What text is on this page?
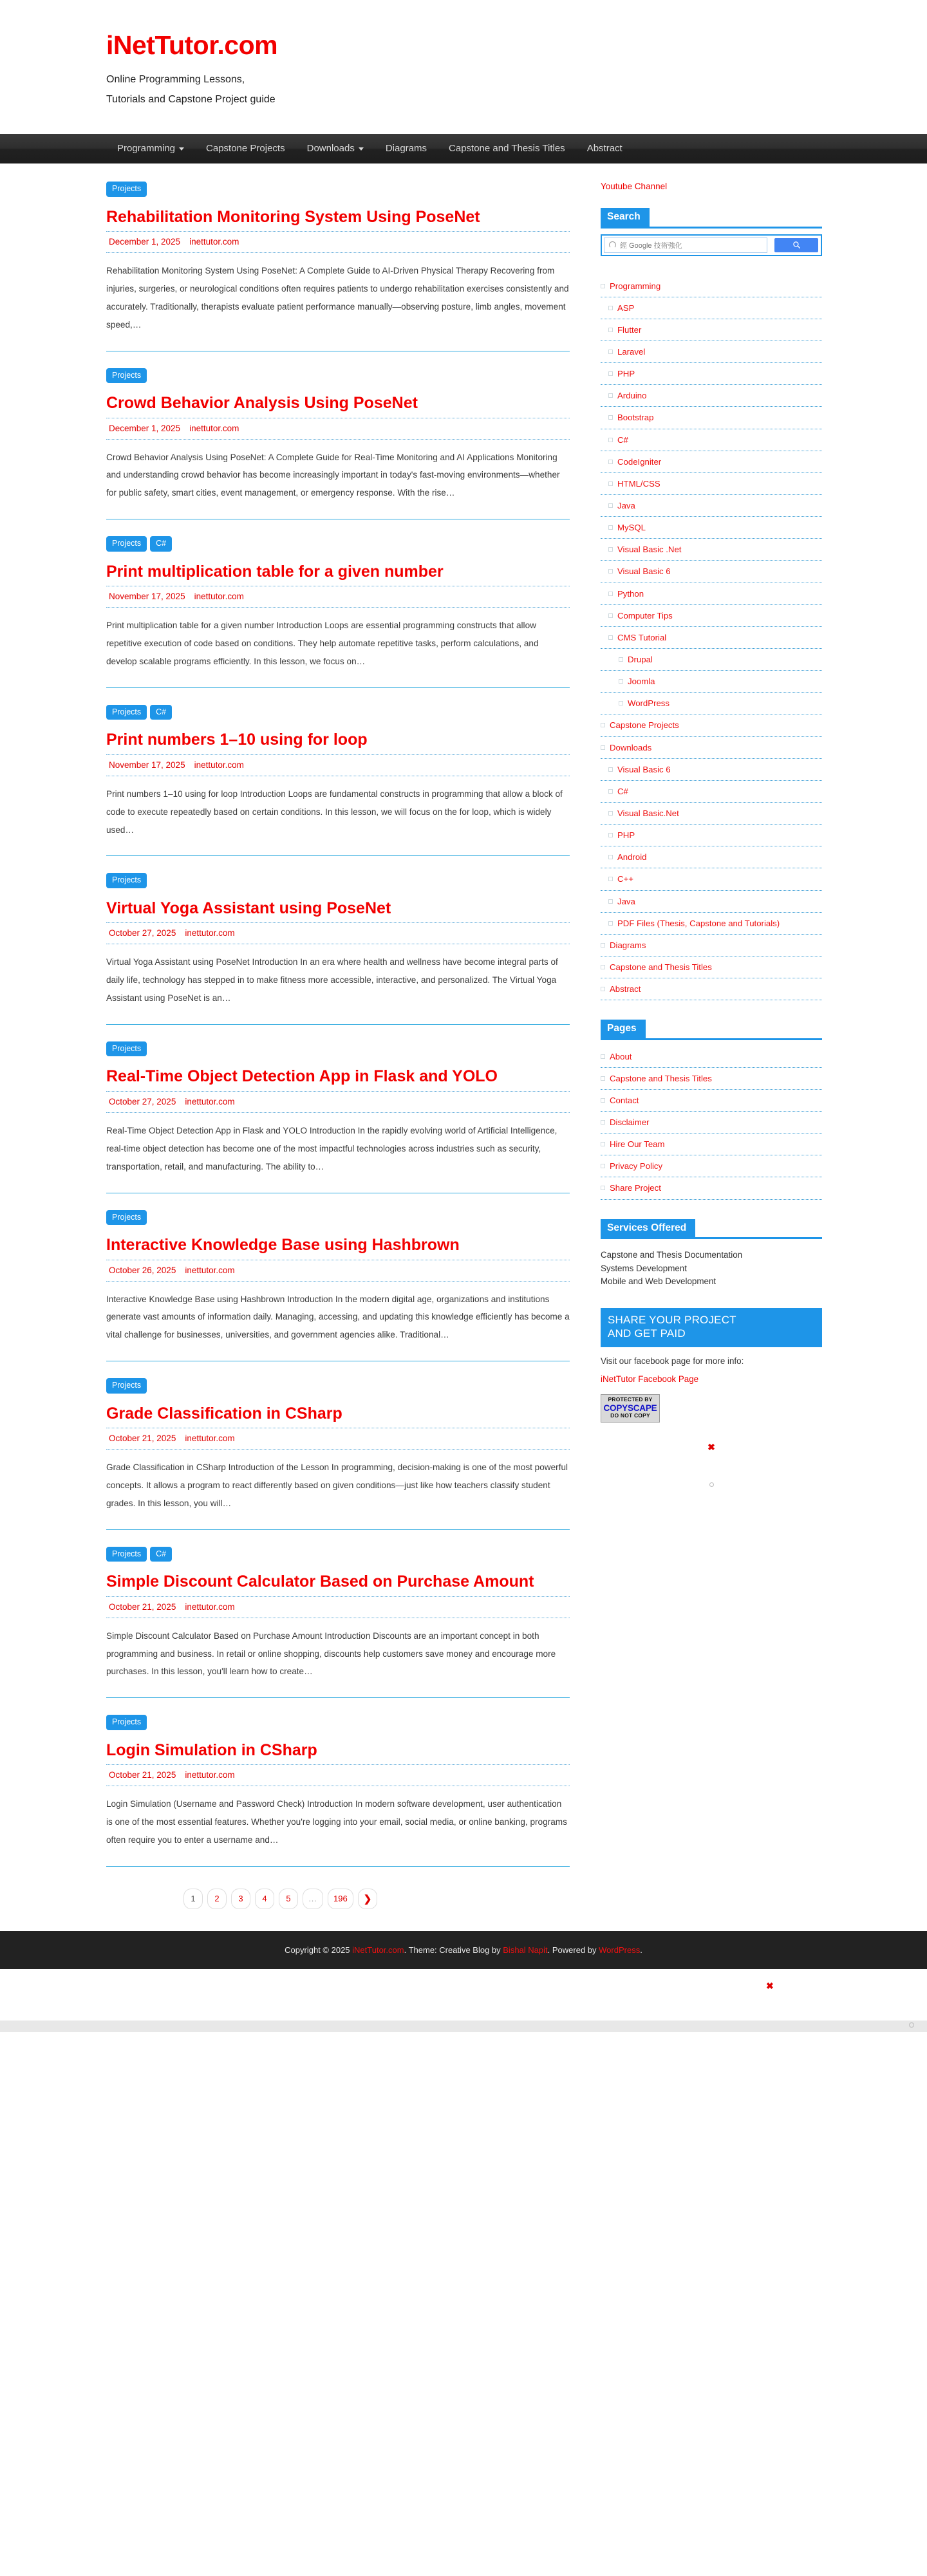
iNetTutor.com
Online Programming Lessons,
Tutorials and Capstone Project guide
Programming	Capstone Projects	Downloads	Diagrams	Capstone and Thesis Titles	Abstract
Projects
Rehabilitation Monitoring System Using PoseNet
December 1, 2025 inettutor.com

Rehabilitation Monitoring System Using PoseNet: A Complete Guide to AI-Driven Physical Therapy Recovering from injuries, surgeries, or neurological conditions often requires patients to undergo rehabilitation exercises consistently and accurately. Traditionally, therapists evaluate patient performance manually—observing posture, limb angles, movement speed,…

Projects
Crowd Behavior Analysis Using PoseNet
December 1, 2025 inettutor.com

Crowd Behavior Analysis Using PoseNet: A Complete Guide for Real-Time Monitoring and AI Applications Monitoring and understanding crowd behavior has become increasingly important in today's fast-moving environments—whether for public safety, smart cities, event management, or emergency response. With the rise…

Projects C#
Print multiplication table for a given number
November 17, 2025 inettutor.com

Print multiplication table for a given number Introduction Loops are essential programming constructs that allow repetitive execution of code based on conditions. They help automate repetitive tasks, perform calculations, and develop scalable programs efficiently. In this lesson, we focus on…

Projects C#
Print numbers 1–10 using for loop
November 17, 2025 inettutor.com

Print numbers 1–10 using for loop Introduction Loops are fundamental constructs in programming that allow a block of code to execute repeatedly based on certain conditions. In this lesson, we will focus on the for loop, which is widely used…

Projects
Virtual Yoga Assistant using PoseNet
October 27, 2025 inettutor.com

Virtual Yoga Assistant using PoseNet Introduction In an era where health and wellness have become integral parts of daily life, technology has stepped in to make fitness more accessible, interactive, and personalized. The Virtual Yoga Assistant using PoseNet is an…

Projects
Real-Time Object Detection App in Flask and YOLO
October 27, 2025 inettutor.com

Real-Time Object Detection App in Flask and YOLO Introduction In the rapidly evolving world of Artificial Intelligence, real-time object detection has become one of the most impactful technologies across industries such as security, transportation, retail, and manufacturing. The ability to…

Projects
Interactive Knowledge Base using Hashbrown
October 26, 2025 inettutor.com

Interactive Knowledge Base using Hashbrown Introduction In the modern digital age, organizations and institutions generate vast amounts of information daily. Managing, accessing, and updating this knowledge efficiently has become a vital challenge for businesses, universities, and government agencies alike. Traditional…

Projects
Grade Classification in CSharp
October 21, 2025 inettutor.com

Grade Classification in CSharp Introduction of the Lesson In programming, decision-making is one of the most powerful concepts. It allows a program to react differently based on given conditions—just like how teachers classify student grades. In this lesson, you will…

Projects C#
Simple Discount Calculator Based on Purchase Amount
October 21, 2025 inettutor.com

Simple Discount Calculator Based on Purchase Amount Introduction Discounts are an important concept in both programming and business. In retail or online shopping, discounts help customers save money and encourage more purchases. In this lesson, you'll learn how to create…

Projects
Login Simulation in CSharp
October 21, 2025 inettutor.com

Login Simulation (Username and Password Check) Introduction In modern software development, user authentication is one of the most essential features. Whether you're logging into your email, social media, or online banking, programs often require you to enter a username and…

1	2	3	4	5	…	196	❯
Youtube Channel
Search
經 Google 技術強化
Programming
ASP
Flutter
Laravel
PHP
Arduino
Bootstrap
C#
CodeIgniter
HTML/CSS
Java
MySQL
Visual Basic .Net
Visual Basic 6
Python
Computer Tips
CMS Tutorial
Drupal
Joomla
WordPress
Capstone Projects
Downloads
Visual Basic 6
C#
Visual Basic.Net
PHP
Android
C++
Java
PDF Files (Thesis, Capstone and Tutorials)
Diagrams
Capstone and Thesis Titles
Abstract
Pages
About
Capstone and Thesis Titles
Contact
Disclaimer
Hire Our Team
Privacy Policy
Share Project
Services Offered
Capstone and Thesis Documentation
Systems Development
Mobile and Web Development
SHARE YOUR PROJECT
AND GET PAID
Visit our facebook page for more info:
iNetTutor Facebook Page
PROTECTED BY
COPYSCAPE
DO NOT COPY
✖
Copyright © 2025 iNetTutor.com. Theme: Creative Blog by Bishal Napit. Powered by WordPress.
✖
